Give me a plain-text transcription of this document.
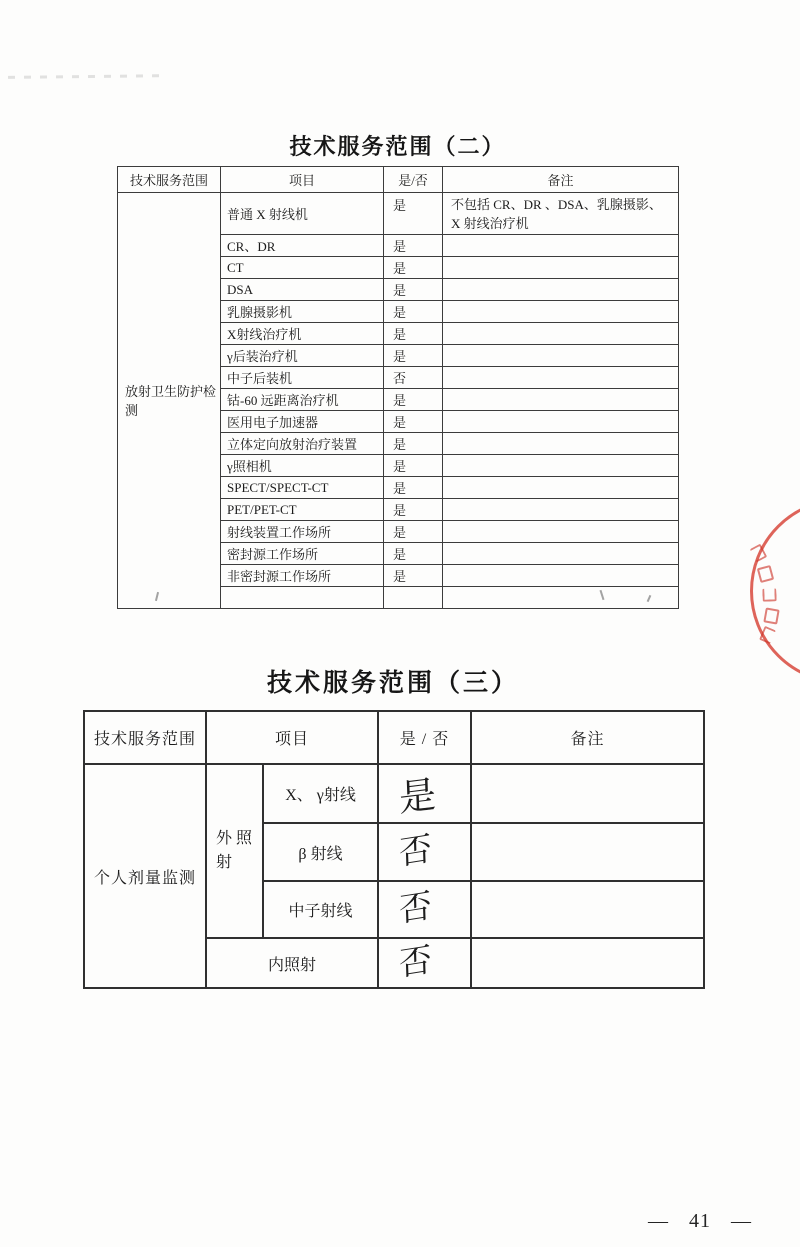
技术服务范围（二）
技术服务范围	项目	是/否	备注
放射卫生防护检测	普通 X 射线机	是	不包括 CR、DR 、DSA、乳腺摄影、X 射线治疗机
	CR、DR	是	
	CT	是	
	DSA	是	
	乳腺摄影机	是	
	X射线治疗机	是	
	γ后装治疗机	是	
	中子后装机	否	
	钴-60 远距离治疗机	是	
	医用电子加速器	是	
	立体定向放射治疗装置	是	
	γ照相机	是	
	SPECT/SPECT-CT	是	
	PET/PET-CT	是	
	射线装置工作场所	是	
	密封源工作场所	是	
	非密封源工作场所	是	

技术服务范围（三）
技术服务范围	项目		是 / 否	备注
个人剂量监测	外 照 射	X、 γ射线	是	
		β 射线	否	
		中子射线	否	
	内照射		否	
— 41 —
